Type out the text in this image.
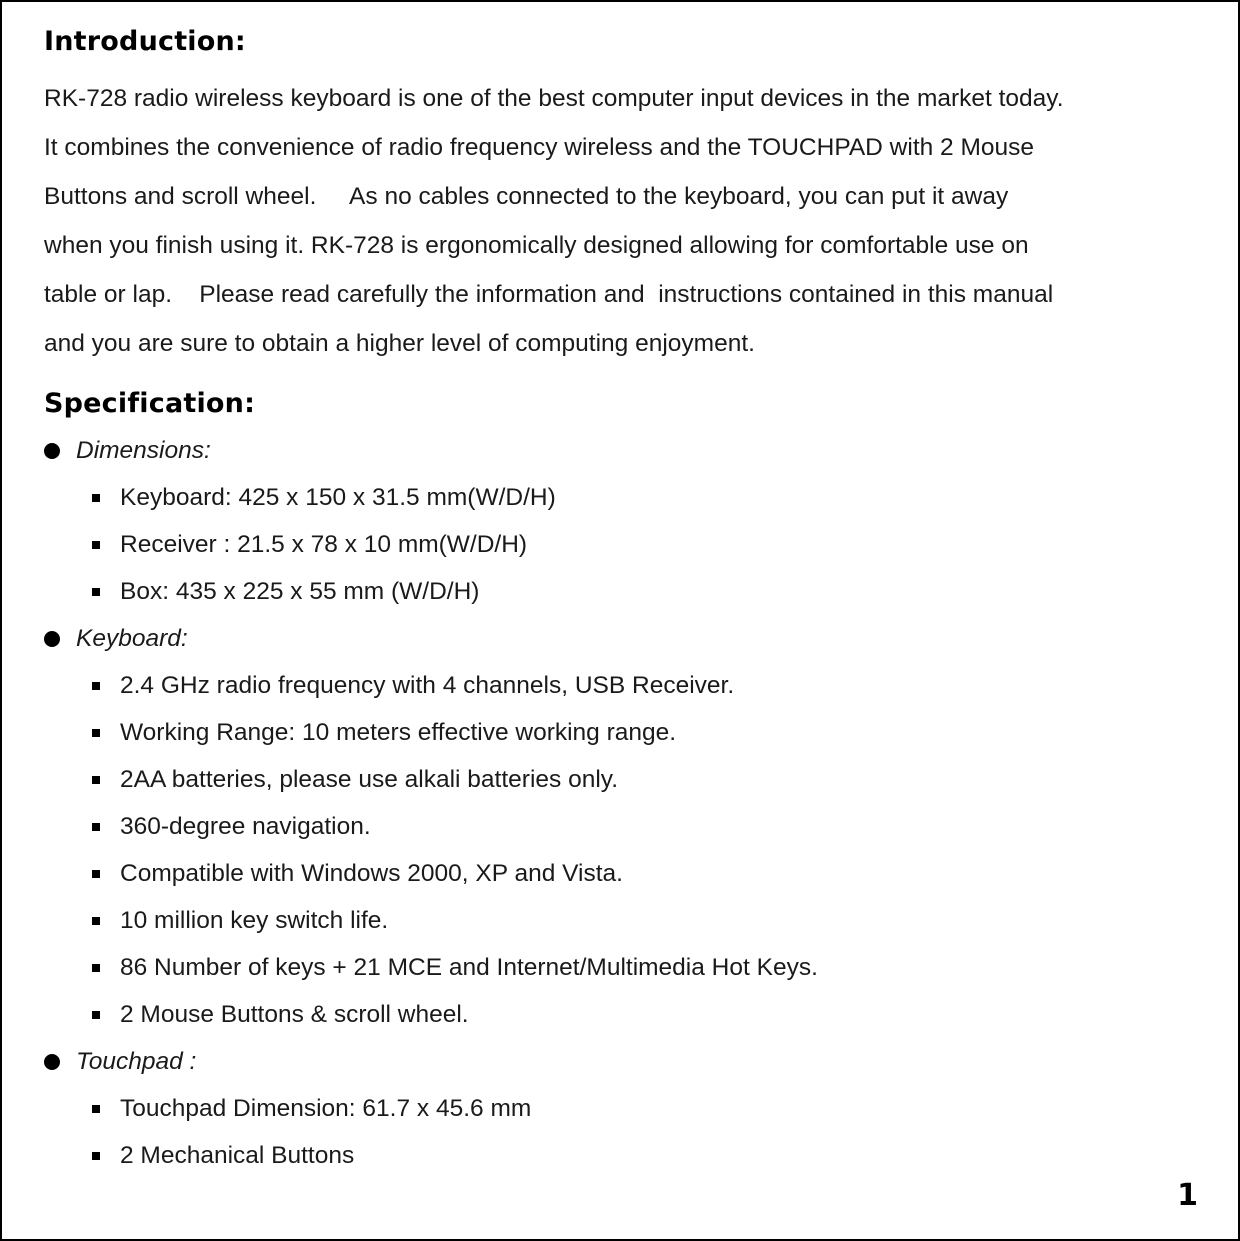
Introduction:

RK-728 radio wireless keyboard is one of the best computer input devices in the market today.
It combines the convenience of radio frequency wireless and the TOUCHPAD with 2 Mouse
Buttons and scroll wheel.     As no cables connected to the keyboard, you can put it away
when you finish using it. RK-728 is ergonomically designed allowing for comfortable use on
table or lap.    Please read carefully the information and  instructions contained in this manual
and you are sure to obtain a higher level of computing enjoyment.

Specification:
Dimensions:
Keyboard: 425 x 150 x 31.5 mm(W/D/H)
Receiver : 21.5 x 78 x 10 mm(W/D/H)
Box: 435 x 225 x 55 mm (W/D/H)
Keyboard:
2.4 GHz radio frequency with 4 channels, USB Receiver.
Working Range: 10 meters effective working range.
2AA batteries, please use alkali batteries only.
360-degree navigation.
Compatible with Windows 2000, XP and Vista.
10 million key switch life.
86 Number of keys + 21 MCE and Internet/Multimedia Hot Keys.
2 Mouse Buttons & scroll wheel.
Touchpad :
Touchpad Dimension: 61.7 x 45.6 mm
2 Mechanical Buttons
1
